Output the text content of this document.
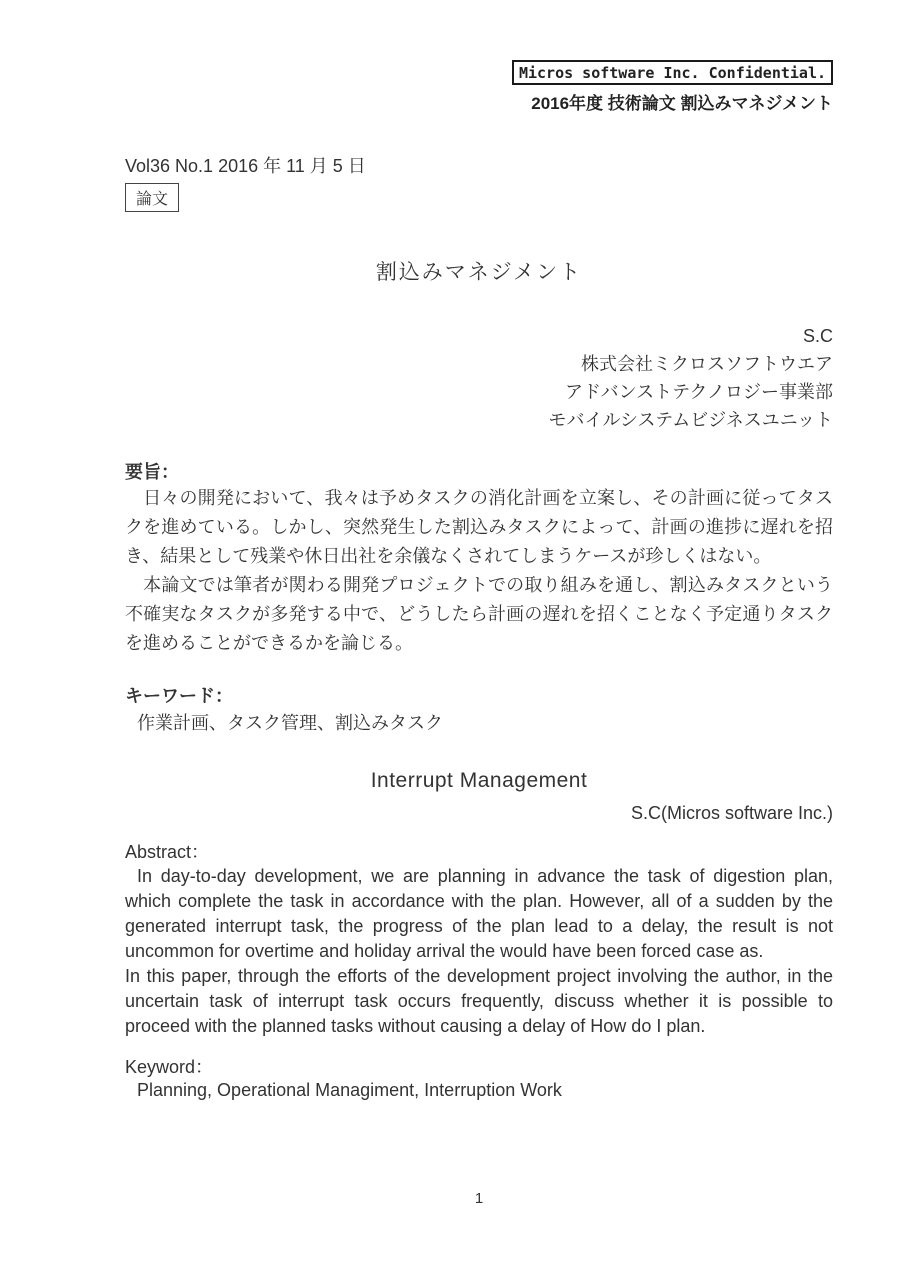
Micros software Inc. Confidential.
2016年度 技術論文 割込みマネジメント
Vol36 No.1 2016 年 11 月 5 日
論文
割込みマネジメント
S.C
株式会社ミクロスソフトウエア
アドバンストテクノロジー事業部
モバイルシステムビジネスユニット
要旨：

　日々の開発において、我々は予めタスクの消化計画を立案し、その計画に従ってタスクを進めている。しかし、突然発生した割込みタスクによって、計画の進捗に遅れを招き、結果として残業や休日出社を余儀なくされてしまうケースが珍しくはない。

　本論文では筆者が関わる開発プロジェクトでの取り組みを通し、割込みタスクという不確実なタスクが多発する中で、どうしたら計画の遅れを招くことなく予定通りタスクを進めることができるかを論じる。

キーワード：
作業計画、タスク管理、割込みタスク
Interrupt Management
S.C(Micros software Inc.)
Abstract：

In day-to-day development, we are planning in advance the task of digestion plan, which complete the task in accordance with the plan. However, all of a sudden by the generated interrupt task, the progress of the plan lead to a delay, the result is not uncommon for overtime and holiday arrival the would have been forced case as.

In this paper, through the efforts of the development project involving the author, in the uncertain task of interrupt task occurs frequently, discuss whether it is possible to proceed with the planned tasks without causing a delay of How do I plan.

Keyword：
Planning, Operational Managiment, Interruption Work
1
